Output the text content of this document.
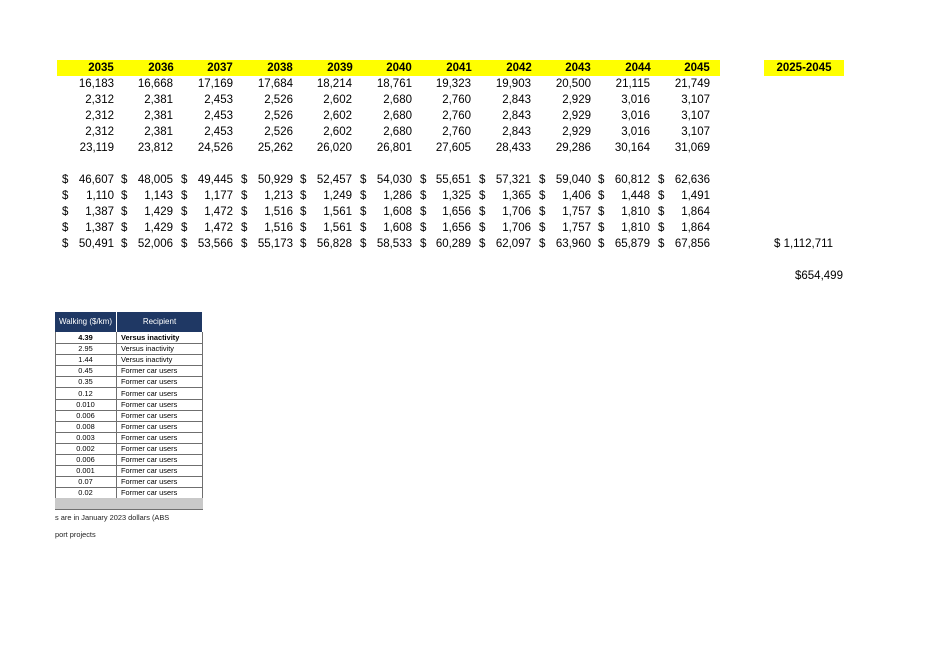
2025-2045
2035	2036	2037	2038	2039	2040	2041	2042	2043	2044	2045
16,183	16,668	17,169	17,684	18,214	18,761	19,323	19,903	20,500	21,115	21,749
2,312	2,381	2,453	2,526	2,602	2,680	2,760	2,843	2,929	3,016	3,107
2,312	2,381	2,453	2,526	2,602	2,680	2,760	2,843	2,929	3,016	3,107
2,312	2,381	2,453	2,526	2,602	2,680	2,760	2,843	2,929	3,016	3,107
23,119	23,812	24,526	25,262	26,020	26,801	27,605	28,433	29,286	30,164	31,069
$ 46,607 $ 48,005 $ 49,445 $ 50,929 $ 52,457 $ 54,030 $ 55,651 $ 57,321 $ 59,040 $ 60,812 $ 62,636
$	1,110 $	1,143 $	1,177 $	1,213 $	1,249 $	1,286 $	1,325 $	1,365 $	1,406 $	1,448 $	1,491
$	1,387 $	1,429 $	1,472 $	1,516 $	1,561 $	1,608 $	1,656 $	1,706 $	1,757 $	1,810 $	1,864
$	1,387 $	1,429 $	1,472 $	1,516 $	1,561 $	1,608 $	1,656 $	1,706 $	1,757 $	1,810 $	1,864
$ 50,491 $ 52,006 $ 53,566 $ 55,173 $ 56,828 $ 58,533 $ 60,289 $ 62,097 $ 63,960 $ 65,879 $ 67,856	$ 1,112,711
$654,499
Walking ($/km)	Recipient
4.39	Versus inactivity
2.95	Versus inactivity
1.44	Versus inactivty
0.45	Former car users
0.35	Former car users
0.12	Former car users
0.010	Former car users
0.006	Former car users
0.008	Former car users
0.003	Former car users
0.002	Former car users
0.006	Former car users
0.001	Former car users
0.07	Former car users
0.02	Former car users
s are in January 2023 dollars (ABS
port projects
